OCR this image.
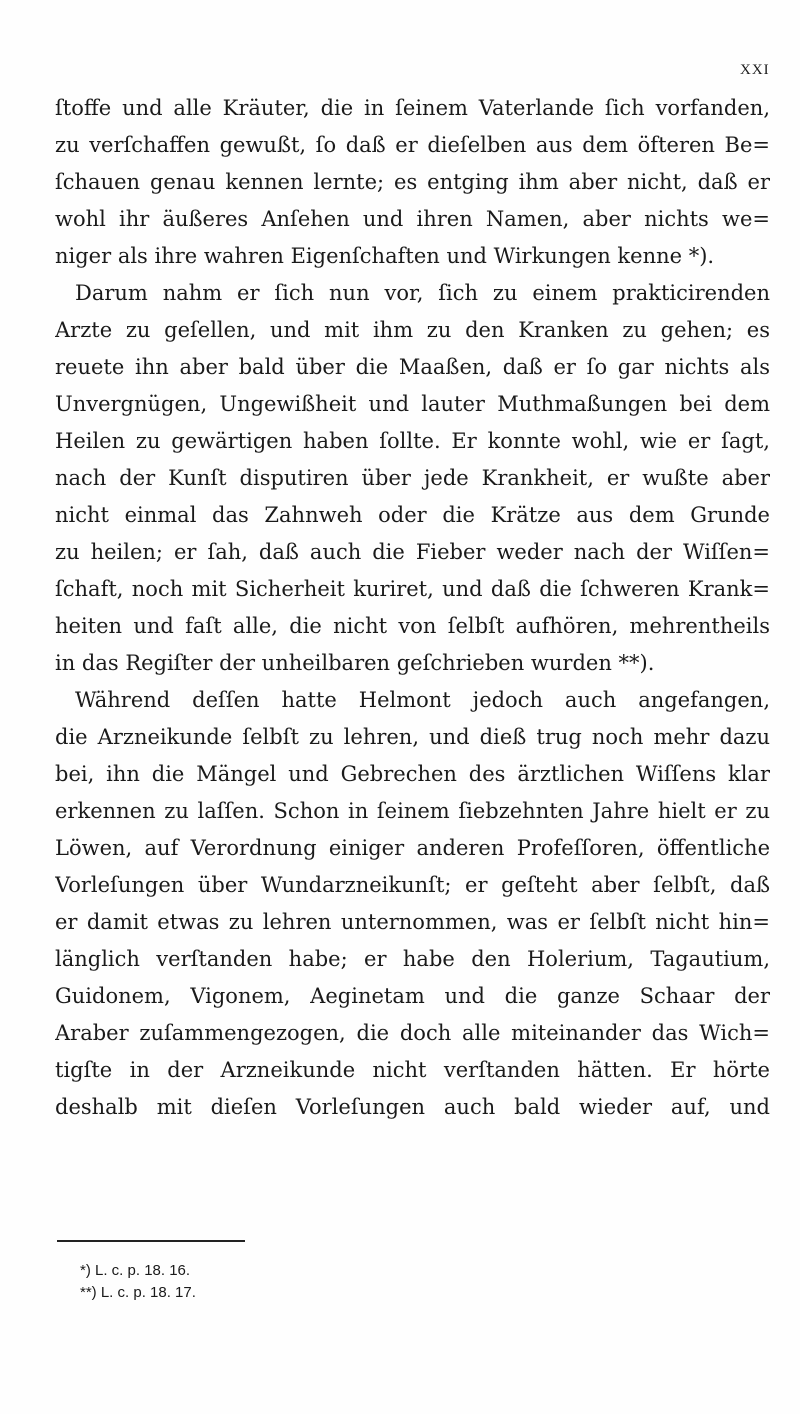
XXI
ſtoffe und alle Kräuter, die in ſeinem Vaterlande ſich vorfanden,
zu verſchaffen gewußt, ſo daß er dieſelben aus dem öfteren Be=
ſchauen genau kennen lernte; es entging ihm aber nicht, daß er
wohl ihr äußeres Anſehen und ihren Namen, aber nichts we=
niger als ihre wahren Eigenſchaften und Wirkungen kenne *).
Darum nahm er ſich nun vor, ſich zu einem prakticirenden
Arzte zu geſellen, und mit ihm zu den Kranken zu gehen; es
reuete ihn aber bald über die Maaßen, daß er ſo gar nichts als
Unvergnügen, Ungewißheit und lauter Muthmaßungen bei dem
Heilen zu gewärtigen haben ſollte. Er konnte wohl, wie er ſagt,
nach der Kunſt disputiren über jede Krankheit, er wußte aber
nicht einmal das Zahnweh oder die Krätze aus dem Grunde
zu heilen; er ſah, daß auch die Fieber weder nach der Wiſſen=
ſchaft, noch mit Sicherheit kuriret, und daß die ſchweren Krank=
heiten und faſt alle, die nicht von ſelbſt aufhören, mehrentheils
in das Regiſter der unheilbaren geſchrieben wurden **).
Während deſſen hatte Helmont jedoch auch angefangen,
die Arzneikunde ſelbſt zu lehren, und dieß trug noch mehr dazu
bei, ihn die Mängel und Gebrechen des ärztlichen Wiſſens klar
erkennen zu laſſen. Schon in ſeinem ſiebzehnten Jahre hielt er zu
Löwen, auf Verordnung einiger anderen Profeſſoren, öffentliche
Vorleſungen über Wundarzneikunſt; er geſteht aber ſelbſt, daß
er damit etwas zu lehren unternommen, was er ſelbſt nicht hin=
länglich verſtanden habe; er habe den Holerium, Tagautium,
Guidonem, Vigonem, Aeginetam und die ganze Schaar der
Araber zuſammengezogen, die doch alle miteinander das Wich=
tigſte in der Arzneikunde nicht verſtanden hätten. Er hörte
deshalb mit dieſen Vorleſungen auch bald wieder auf, und
*) L. c. p. 18. 16.
**) L. c. p. 18. 17.
